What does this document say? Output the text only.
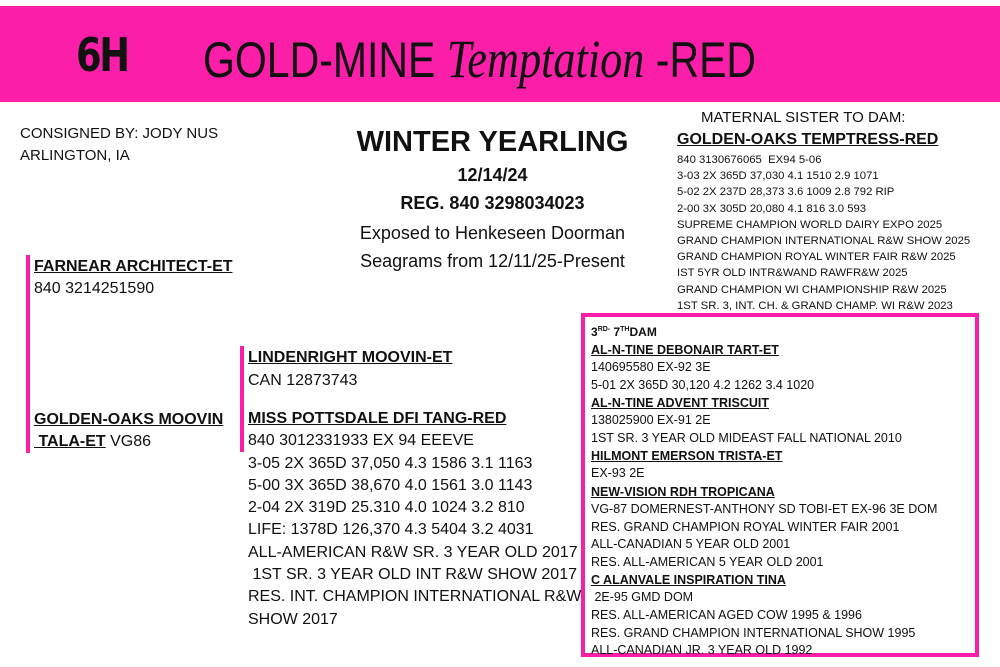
6H GOLD-MINE Temptation -RED
CONSIGNED BY: JODY NUS
ARLINGTON, IA	WINTER YEARLING
12/14/24
REG. 840 3298034023
Exposed to Henkeseen Doorman
Seagrams from 12/11/25-Present
MATERNAL SISTER TO DAM:
GOLDEN-OAKS TEMPTRESS-RED
840 3130676065  EX94 5-06
3-03 2X 365D 37,030 4.1 1510 2.9 1071
5-02 2X 237D 28,373 3.6 1009 2.8 792 RIP
2-00 3X 305D 20,080 4.1 816 3.0 593
SUPREME CHAMPION WORLD DAIRY EXPO 2025
GRAND CHAMPION INTERNATIONAL R&W SHOW 2025
GRAND CHAMPION ROYAL WINTER FAIR R&W 2025
IST 5YR OLD INTR&WAND RAWFR&W 2025
GRAND CHAMPION WI CHAMPIONSHIP R&W 2025
1ST SR. 3, INT. CH. & GRAND CHAMP. WI R&W 2023
FARNEAR ARCHITECT-ET
840 3214251590
GOLDEN-OAKS MOOVIN
TALA-ET VG86
LINDENRIGHT MOOVIN-ET
CAN 12873743
MISS POTTSDALE DFI TANG-RED
840 3012331933 EX 94 EEEVE
3-05 2X 365D 37,050 4.3 1586 3.1 1163
5-00 3X 365D 38,670 4.0 1561 3.0 1143
2-04 2X 319D 25.310 4.0 1024 3.2 810
LIFE: 1378D 126,370 4.3 5404 3.2 4031
ALL-AMERICAN R&W SR. 3 YEAR OLD 2017
1ST SR. 3 YEAR OLD INT R&W SHOW 2017
RES. INT. CHAMPION INTERNATIONAL R&W SHOW 2017
$3^{RD-}$ 7THDAM
AL-N-TINE DEBONAIR TART-ET
140695580 EX-92 3E
5-01 2X 365D 30,120 4.2 1262 3.4 1020
AL-N-TINE ADVENT TRISCUIT
138025900 EX-91 2E
1ST SR. 3 YEAR OLD MIDEAST FALL NATIONAL 2010
HILMONT EMERSON TRISTA-ET
EX-93 2E
NEW-VISION RDH TROPICANA
VG-87 DOMERNEST-ANTHONY SD TOBI-ET EX-96 3E DOM
RES. GRAND CHAMPION ROYAL WINTER FAIR 2001
ALL-CANADIAN 5 YEAR OLD 2001
RES. ALL-AMERICAN 5 YEAR OLD 2001
C ALANVALE INSPIRATION TINA
2E-95 GMD DOM
RES. ALL-AMERICAN AGED COW 1995 & 1996
RES. GRAND CHAMPION INTERNATIONAL SHOW 1995
ALL-CANADIAN JR. 3 YEAR OLD 1992
